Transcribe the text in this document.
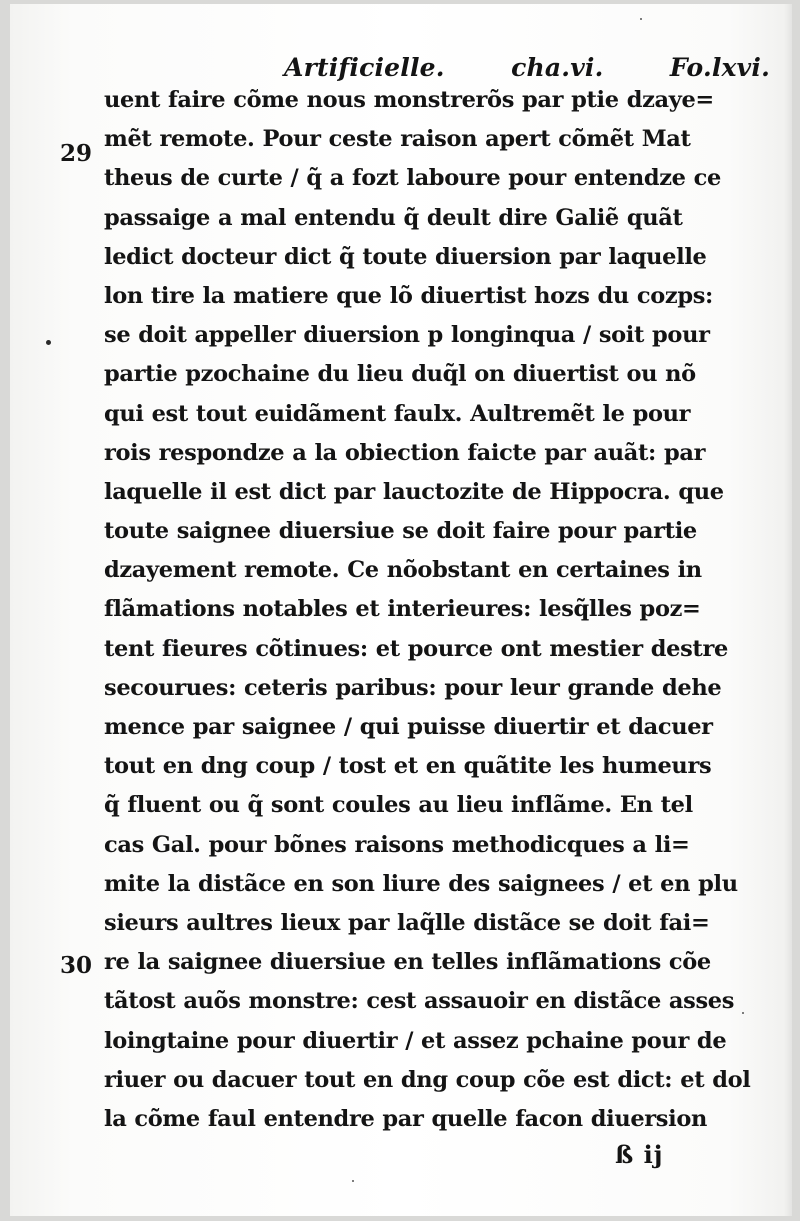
Artificielle.	cha.vi.	Fo.lxvi.
29
30
uent faire cõme nous monstrerõs par ptie dzaye=
mẽt remote. Pour ceste raison apert cõmẽt Mat
theus de curte / q̃ a fozt laboure pour entendze ce
passaige a mal entendu q̃ deult dire Galiẽ quãt
ledict docteur dict q̃ toute diuersion par laquelle
lon tire la matiere que lõ diuertist hozs du cozps:
se doit appeller diuersion p longinqua / soit pour
partie pzochaine du lieu duq̃l on diuertist ou nõ
qui est tout euidãment faulx. Aultremẽt le pour
rois respondze a la obiection faicte par auãt: par
laquelle il est dict par lauctozite de Hippocra. que
toute saignee diuersiue se doit faire pour partie
dzayement remote. Ce nõobstant en certaines in
flãmations notables et interieures: lesq̃lles poz=
tent fieures cõtinues: et pource ont mestier destre
secourues: ceteris paribus: pour leur grande dehe
mence par saignee / qui puisse diuertir et dacuer
tout en dng coup / tost et en quãtite les humeurs
q̃ fluent ou q̃ sont coules au lieu inflãme. En tel
cas Gal. pour bõnes raisons methodicques a li=
mite la distãce en son liure des saignees / et en plu
sieurs aultres lieux par laq̃lle distãce se doit fai=
re la saignee diuersiue en telles inflãmations cõe
tãtost auõs monstre: cest assauoir en distãce asses
loingtaine pour diuertir / et assez pchaine pour de
riuer ou dacuer tout en dng coup cõe est dict: et dol
la cõme faul entendre par quelle facon diuersion
ß ij
